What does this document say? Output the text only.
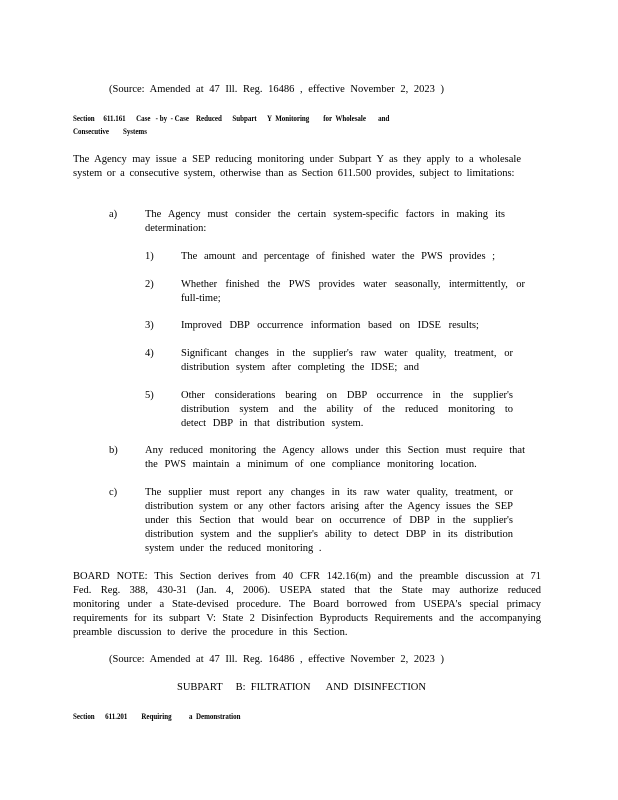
(Source: Amended at 47 Ill. Reg. 16486 , effective November 2, 2023 )
Section     611.161      Case   - by  - Case    Reduced      Subpart      Y  Monitoring        for  Wholesale       and
Consecutive        Systems
The Agency may issue a SEP reducing monitoring under Subpart Y as they apply to a wholesale system or a consecutive system, otherwise than as Section 611.500 provides, subject to limitations:
a)	The Agency must consider the certain system-specific factors in making its determination:
1)	The amount and percentage of finished water the PWS provides ;
2)	Whether finished the PWS provides water seasonally, intermittently, or full-time;
3)	Improved DBP occurrence information based on IDSE results;
4)	Significant changes in the supplier's raw water quality, treatment, or distribution system after completing the IDSE; and
5)	Other considerations bearing on DBP occurrence in the supplier's distribution system and the ability of the reduced monitoring to detect DBP in that distribution system.
b)	Any reduced monitoring the Agency allows under this Section must require that the PWS maintain a minimum of one compliance monitoring location.
c)	The supplier must report any changes in its raw water quality, treatment, or distribution system or any other factors arising after the Agency issues the SEP under this Section that would bear on occurrence of DBP in the supplier's distribution system and the supplier's ability to detect DBP in its distribution system under the reduced monitoring .
BOARD NOTE: This Section derives from 40 CFR 142.16(m) and the preamble discussion at 71 Fed. Reg. 388, 430-31 (Jan. 4, 2006). USEPA stated that the State may authorize reduced monitoring under a State-devised procedure. The Board borrowed from USEPA's special primacy requirements for its subpart V: State 2 Disinfection Byproducts Requirements and the accompanying preamble discussion to derive the procedure in this Section.
(Source: Amended at 47 Ill. Reg. 16486 , effective November 2, 2023 )
SUBPART     B:  FILTRATION      AND  DISINFECTION
Section      611.201        Requiring          a  Demonstration
